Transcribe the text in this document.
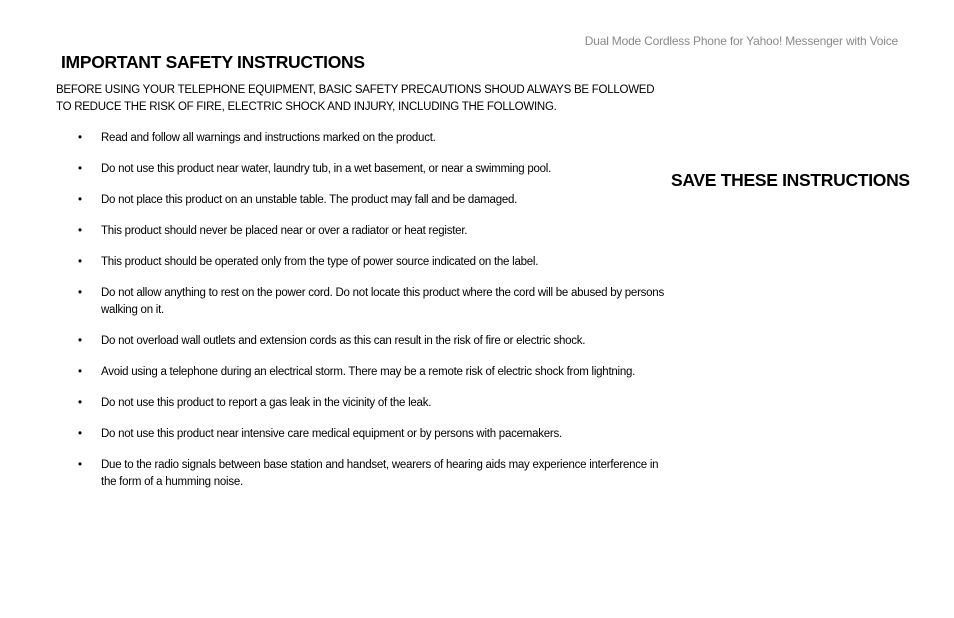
Dual Mode Cordless Phone for Yahoo! Messenger with Voice
IMPORTANT SAFETY INSTRUCTIONS

BEFORE USING YOUR TELEPHONE EQUIPMENT, BASIC SAFETY PRECAUTIONS SHOUD ALWAYS BE FOLLOWED TO REDUCE THE RISK OF FIRE, ELECTRIC SHOCK AND INJURY, INCLUDING THE FOLLOWING.

• Read and follow all warnings and instructions marked on the product.
• Do not use this product near water, laundry tub, in a wet basement, or near a swimming pool.
• Do not place this product on an unstable table. The product may fall and be damaged.
• This product should never be placed near or over a radiator or heat register.
• This product should be operated only from the type of power source indicated on the label.
• Do not allow anything to rest on the power cord. Do not locate this product where the cord will be abused by persons walking on it.
• Do not overload wall outlets and extension cords as this can result in the risk of fire or electric shock.
• Avoid using a telephone during an electrical storm. There may be a remote risk of electric shock from lightning.
• Do not use this product to report a gas leak in the vicinity of the leak.
• Do not use this product near intensive care medical equipment or by persons with pacemakers.
• Due to the radio signals between base station and handset, wearers of hearing aids may experience interference in the form of a humming noise.
SAVE THESE INSTRUCTIONS
